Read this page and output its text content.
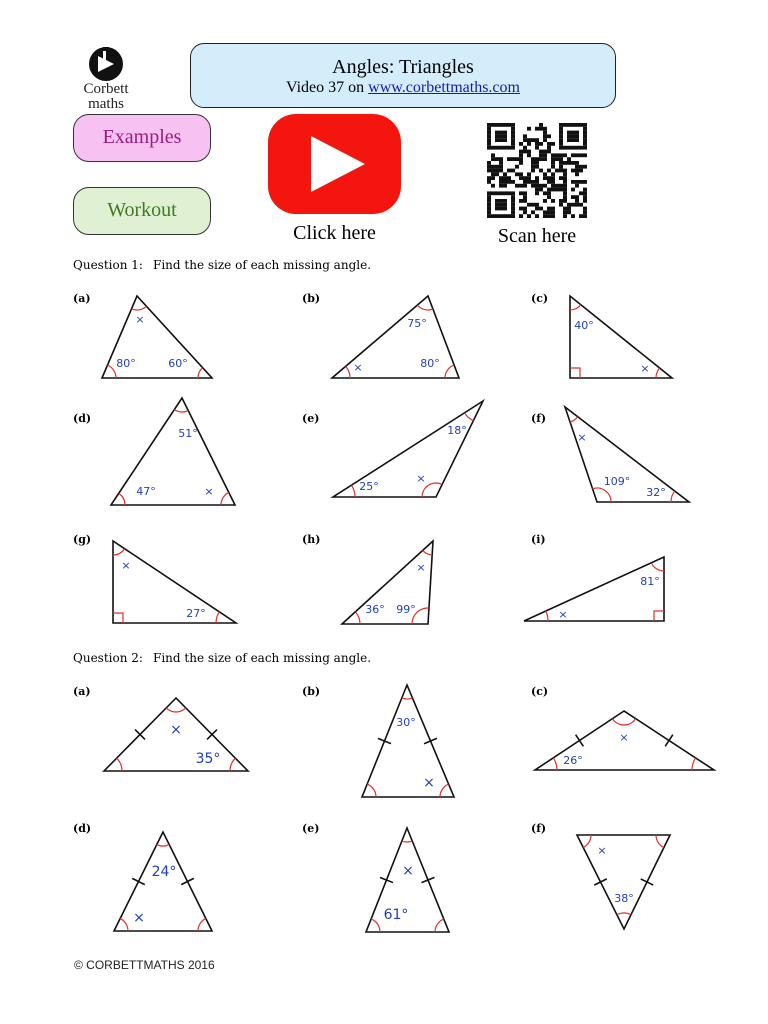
Corbett
maths
Angles: Triangles
Video 37 on www.corbettmaths.com
Examples
Workout
Click here	Scan here
Question 1: Find the size of each missing angle.
Question 2: Find the size of each missing angle.
(a)	(b)	(c)
(d)	(e)	(f)
(g)	(h)	(i)
(a)	(b)	(c)
(d)	(e)	(f)
×
80°	60°
75°
×	80°
40°
×
51°
47°	×
18°
25°
×
×
109°
32°
×
27°
×
36° 99°
81°
×
×
35°
30°
×
×
26°
24°
×
×
61°
×
38°
© CORBETTMATHS 2016
